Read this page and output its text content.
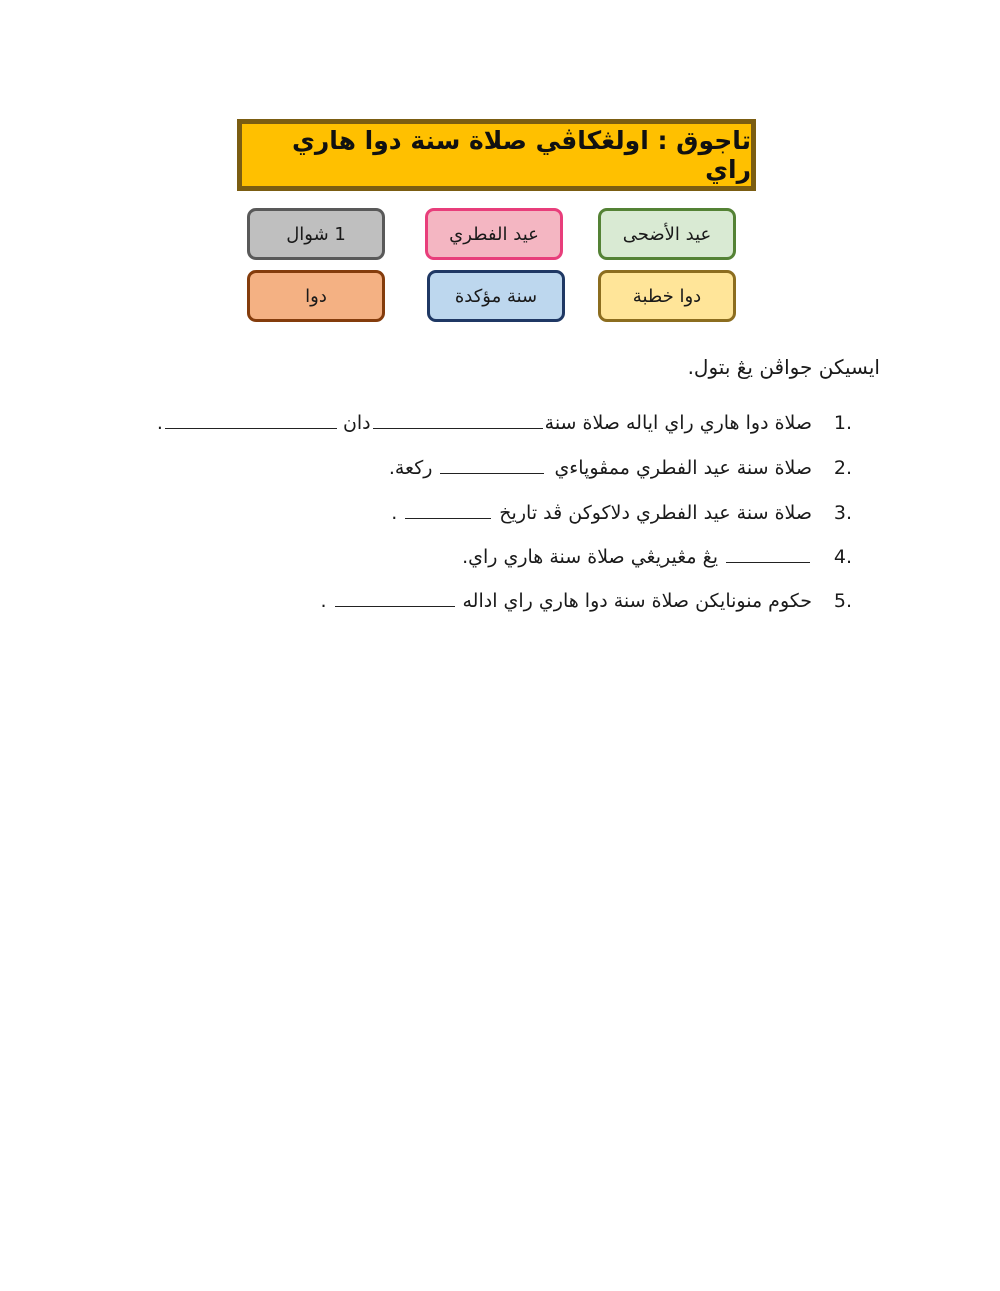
تاجوق : اولڠكاڤي صلاة سنة دوا هاري راي
عيد الأضحى
عيد الفطري
1 شوال
دوا خطبة
سنة مؤكدة
دوا
ايسيكن جواڤن يڠ بتول.
1.
صلاة دوا هاري راي اياله صلاة سنة
دان
.
2.
صلاة سنة عيد الفطري ممڤوڽاءي
ركعة.
3.
صلاة سنة عيد الفطري دلاكوكن ڤد تاريخ
.
4.
يڠ مڠيريڠي صلاة سنة هاري راي.
5.
حكوم منونايكن صلاة سنة دوا هاري راي اداله
.
